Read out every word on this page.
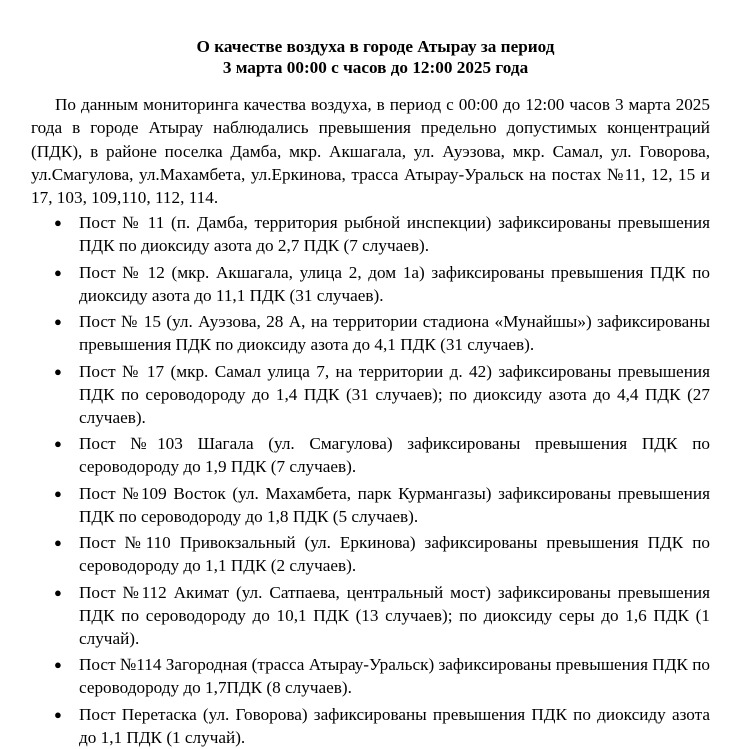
О качестве воздуха в городе Атырау за период
3 марта 00:00 с часов до 12:00 2025 года

По данным мониторинга качества воздуха, в период с 00:00 до 12:00 часов 3 марта 2025 года в городе Атырау наблюдались превышения предельно допустимых концентраций (ПДК), в районе поселка Дамба, мкр. Акшагала, ул. Ауэзова, мкр. Самал, ул. Говорова, ул.Смагулова, ул.Махамбета, ул.Еркинова, трасса Атырау-Уральск на постах №11, 12, 15 и 17, 103, 109,110, 112, 114.

● Пост № 11 (п. Дамба, территория рыбной инспекции) зафиксированы превышения ПДК по диоксиду азота до 2,7 ПДК (7 случаев).
● Пост № 12 (мкр. Акшагала, улица 2, дом 1а) зафиксированы превышения ПДК по диоксиду азота до 11,1 ПДК (31 случаев).
● Пост № 15 (ул. Ауэзова, 28 А, на территории стадиона «Мунайшы») зафиксированы превышения ПДК по диоксиду азота до 4,1 ПДК (31 случаев).
● Пост № 17 (мкр. Самал улица 7, на территории д. 42) зафиксированы превышения ПДК по сероводороду до 1,4 ПДК (31 случаев); по диоксиду азота до 4,4 ПДК (27 случаев).
● Пост №103 Шагала (ул. Смагулова) зафиксированы превышения ПДК по сероводороду до 1,9 ПДК (7 случаев).
● Пост №109 Восток (ул. Махамбета, парк Курмангазы) зафиксированы превышения ПДК по сероводороду до 1,8 ПДК (5 случаев).
● Пост №110 Привокзальный (ул. Еркинова) зафиксированы превышения ПДК по сероводороду до 1,1 ПДК (2 случаев).
● Пост №112 Акимат (ул. Сатпаева, центральный мост) зафиксированы превышения ПДК по сероводороду до 10,1 ПДК (13 случаев); по диоксиду серы до 1,6 ПДК (1 случай).
● Пост №114 Загородная (трасса Атырау-Уральск) зафиксированы превышения ПДК по сероводороду до 1,7ПДК (8 случаев).
● Пост Перетаска (ул. Говорова) зафиксированы превышения ПДК по диоксиду азота до 1,1 ПДК (1 случай).
